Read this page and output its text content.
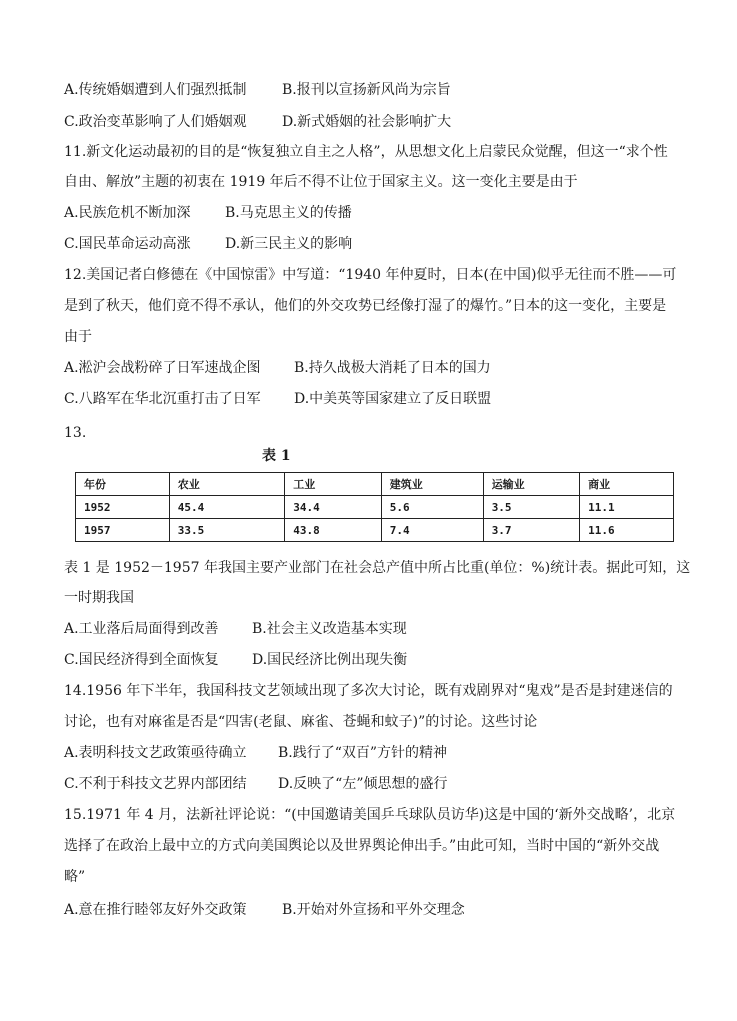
A.传统婚姻遭到人们强烈抵制	B.报刊以宣扬新风尚为宗旨
C.政治变革影响了人们婚姻观	D.新式婚姻的社会影响扩大
11.新文化运动最初的目的是“恢复独立自主之人格”，从思想文化上启蒙民众觉醒，但这一“求个性
自由、解放”主题的初衷在 1919 年后不得不让位于国家主义。这一变化主要是由于
A.民族危机不断加深 B.马克思主义的传播
C.国民革命运动高涨 D.新三民主义的影响
12.美国记者白修德在《中国惊雷》中写道：“1940 年仲夏时，日本(在中国)似乎无往而不胜——可
是到了秋天，他们竟不得不承认，他们的外交攻势已经像打湿了的爆竹。”日本的这一变化，主要是
由于
A.淞沪会战粉碎了日军速战企图 B.持久战极大消耗了日本的国力
C.八路军在华北沉重打击了日军 D.中美英等国家建立了反日联盟
13.
表 1
年份	农业	工业	建筑业	运输业	商业
1952	45.4	34.4	5.6	3.5	11.1
1957	33.5	43.8	7.4	3.7	11.6
表 1 是 1952－1957 年我国主要产业部门在社会总产值中所占比重(单位：%)统计表。据此可知，这
一时期我国
A.工业落后局面得到改善 B.社会主义改造基本实现
C.国民经济得到全面恢复 D.国民经济比例出现失衡
14.1956 年下半年，我国科技文艺领域出现了多次大讨论，既有戏剧界对“鬼戏”是否是封建迷信的
讨论，也有对麻雀是否是“四害(老鼠、麻雀、苍蝇和蚊子)”的讨论。这些讨论
A.表明科技文艺政策亟待确立 B.践行了“双百”方针的精神
C.不利于科技文艺界内部团结 D.反映了“左”倾思想的盛行
15.1971 年 4 月，法新社评论说：“(中国邀请美国乒乓球队员访华)这是中国的‘新外交战略’，北京
选择了在政治上最中立的方式向美国舆论以及世界舆论伸出手。”由此可知，当时中国的“新外交战
略”
A.意在推行睦邻友好外交政策	B.开始对外宣扬和平外交理念
